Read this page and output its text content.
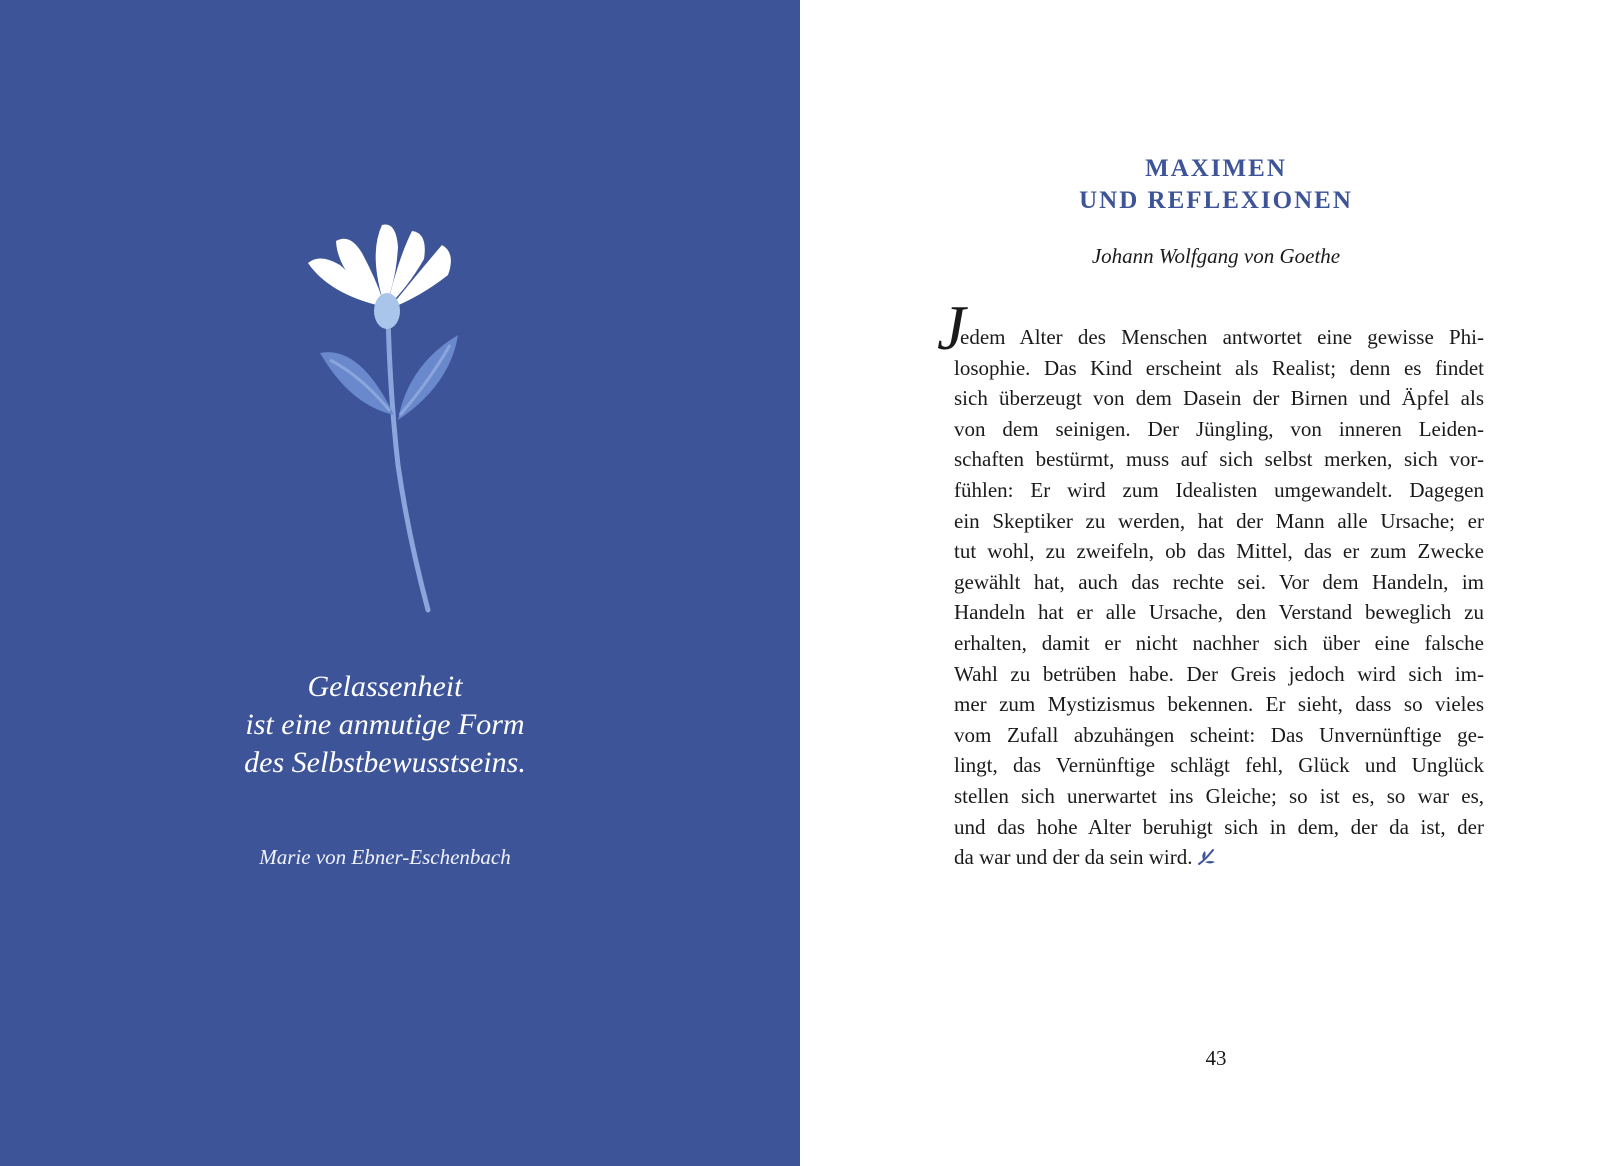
Gelassenheit
ist eine anmutige Form
des Selbstbewusstseins.
Marie von Ebner-Eschenbach
MAXIMEN
UND REFLEXIONEN
Johann Wolfgang von Goethe
J
edem Alter des Menschen antwortet eine gewisse Phi-
losophie. Das Kind erscheint als Realist; denn es findet
sich überzeugt von dem Dasein der Birnen und Äpfel als
von dem seinigen. Der Jüngling, von inneren Leiden-
schaften bestürmt, muss auf sich selbst merken, sich vor-
fühlen: Er wird zum Idealisten umgewandelt. Dagegen
ein Skeptiker zu werden, hat der Mann alle Ursache; er
tut wohl, zu zweifeln, ob das Mittel, das er zum Zwecke
gewählt hat, auch das rechte sei. Vor dem Handeln, im
Handeln hat er alle Ursache, den Verstand beweglich zu
erhalten, damit er nicht nachher sich über eine falsche
Wahl zu betrüben habe. Der Greis jedoch wird sich im-
mer zum Mystizismus bekennen. Er sieht, dass so vieles
vom Zufall abzuhängen scheint: Das Unvernünftige ge-
lingt, das Vernünftige schlägt fehl, Glück und Unglück
stellen sich unerwartet ins Gleiche; so ist es, so war es,
und das hohe Alter beruhigt sich in dem, der da ist, der
da war und der da sein wird.
43
